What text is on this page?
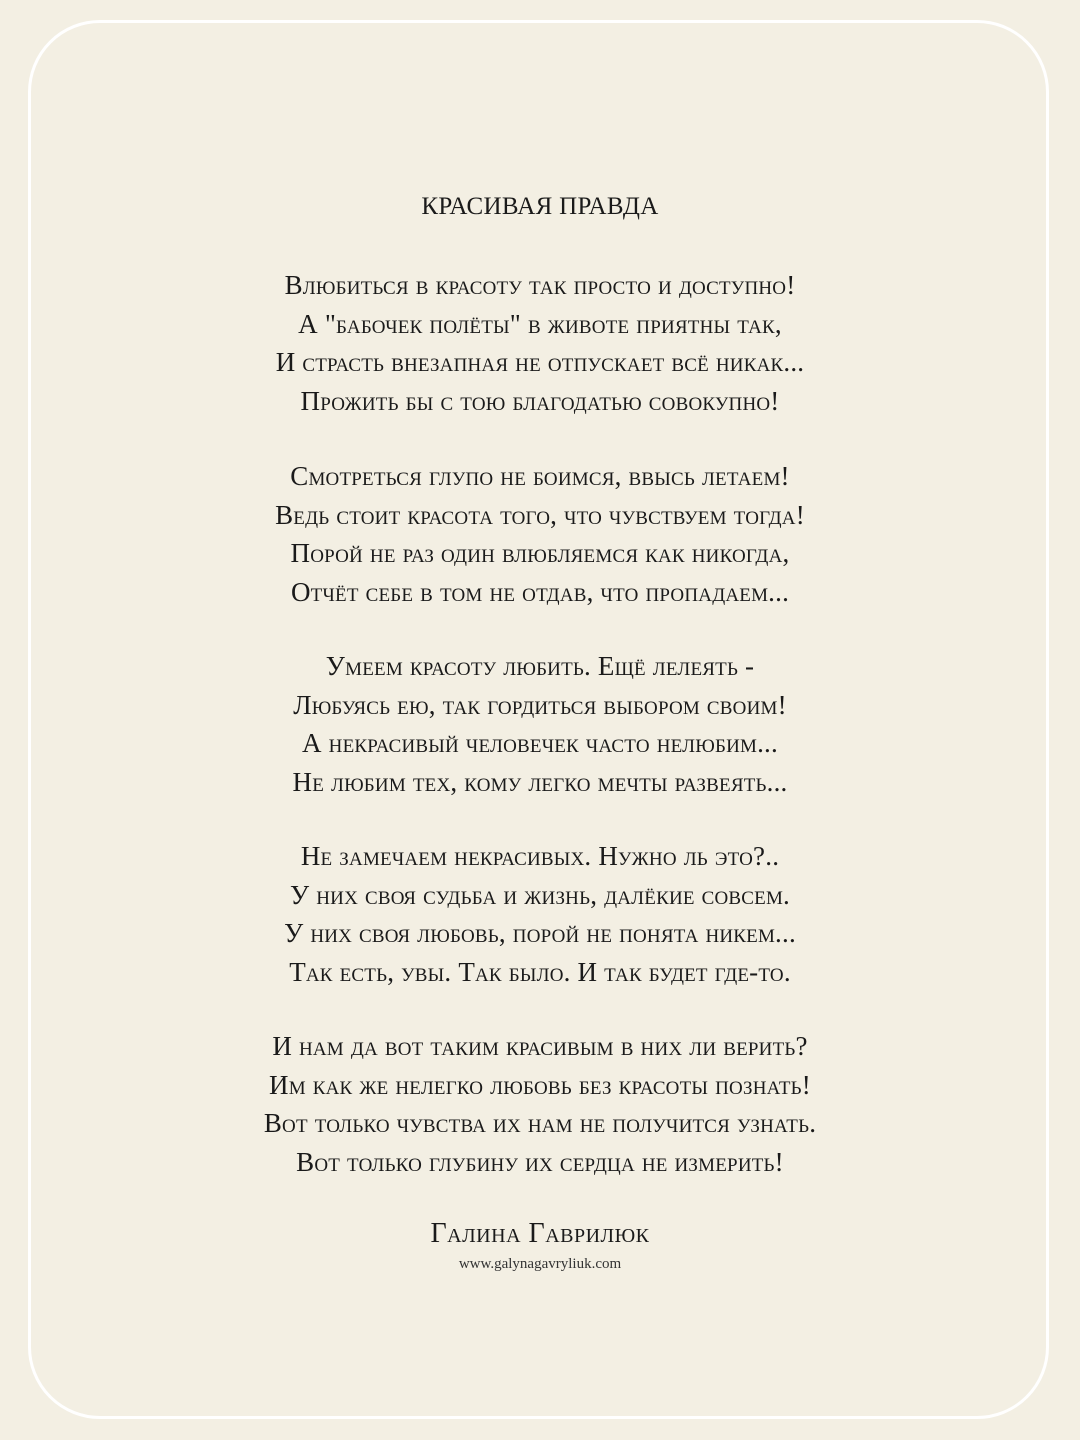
КРАСИВАЯ ПРАВДА
Влюбиться в красоту так просто и доступно!
А "бабочек полёты" в животе приятны так,
И страсть внезапная не отпускает всё никак...
Прожить бы с тою благодатью совокупно!
Смотреться глупо не боимся, ввысь летаем!
Ведь стоит красота того, что чувствуем тогда!
Порой не раз один влюбляемся как никогда,
Отчёт себе в том не отдав, что пропадаем...
Умеем красоту любить. Ещё лелеять -
Любуясь ею, так гордиться выбором своим!
А некрасивый человечек часто нелюбим...
Не любим тех, кому легко мечты развеять...
Не замечаем некрасивых. Нужно ль это?..
У них своя судьба и жизнь, далёкие совсем.
У них своя любовь, порой не понята никем...
Так есть, увы. Так было. И так будет где-то.
И нам да вот таким красивым в них ли верить?
Им как же нелегко любовь без красоты познать!
Вот только чувства их нам не получится узнать.
Вот только глубину их сердца не измерить!
Галина Гаврилюк
www.galynagavryliuk.com
